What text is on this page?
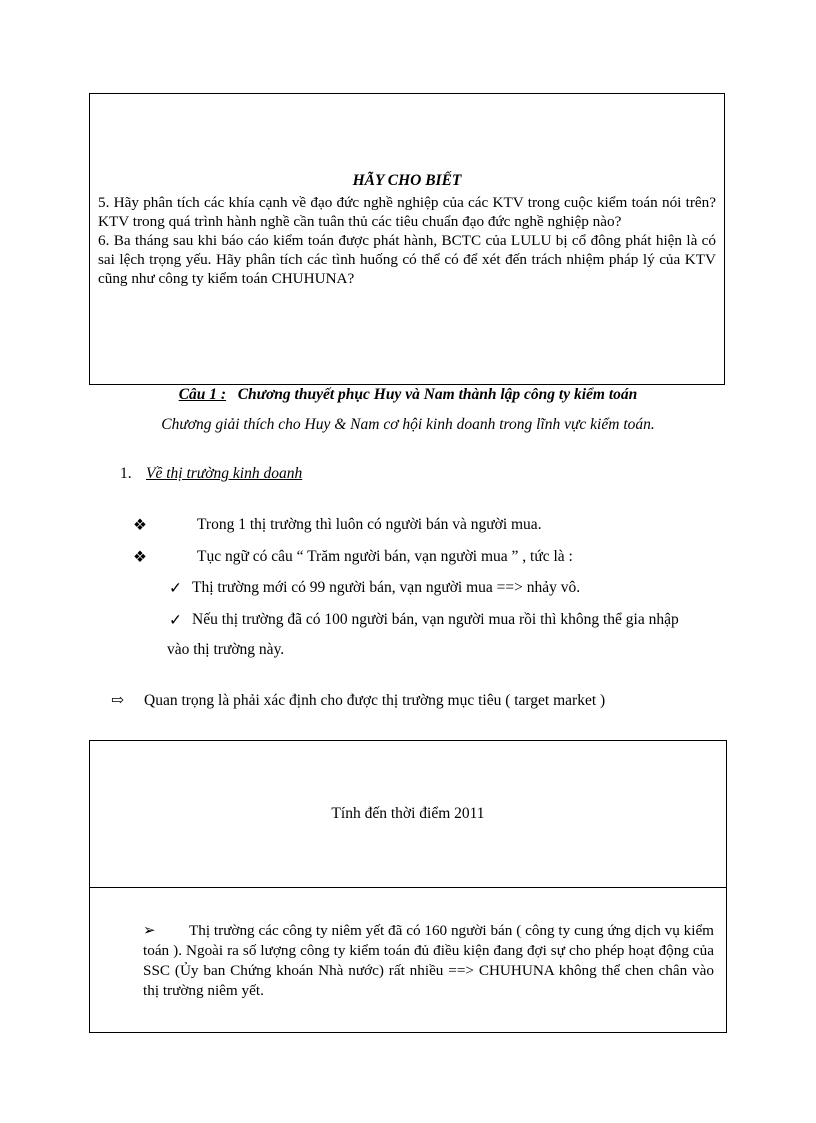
HÃY CHO BIẾT

5. Hãy phân tích các khía cạnh về đạo đức nghề nghiệp của các KTV trong cuộc kiểm toán nói trên? KTV trong quá trình hành nghề cần tuân thủ các tiêu chuẩn đạo đức nghề nghiệp nào?

6. Ba tháng sau khi báo cáo kiểm toán được phát hành, BCTC của LULU bị cổ đông phát hiện là có sai lệch trọng yếu. Hãy phân tích các tình huống có thể có để xét đến trách nhiệm pháp lý của KTV cũng như công ty kiểm toán CHUHUNA?

Câu 1 : Chương thuyết phục Huy và Nam thành lập công ty kiểm toán
Chương giải thích cho Huy & Nam cơ hội kinh doanh trong lĩnh vực kiểm toán.
1. Về thị trường kinh doanh
❖	Trong 1 thị trường thì luôn có người bán và người mua.
❖	Tục ngữ có câu “ Trăm người bán, vạn người mua ” , tức là :
✓ Thị trường mới có 99 người bán, vạn người mua ==> nhảy vô.
✓ Nếu thị trường đã có 100 người bán, vạn người mua rồi thì không thể gia nhập
vào thị trường này.
⇨ Quan trọng là phải xác định cho được thị trường mục tiêu ( target market )
Tính đến thời điểm 2011
➢ Thị trường các công ty niêm yết đã có 160 người bán ( công ty cung ứng dịch vụ kiểm toán ). Ngoài ra số lượng công ty kiểm toán đủ điều kiện đang đợi sự cho phép hoạt động của SSC (Ủy ban Chứng khoán Nhà nước) rất nhiều ==> CHUHUNA không thể chen chân vào thị trường niêm yết.
